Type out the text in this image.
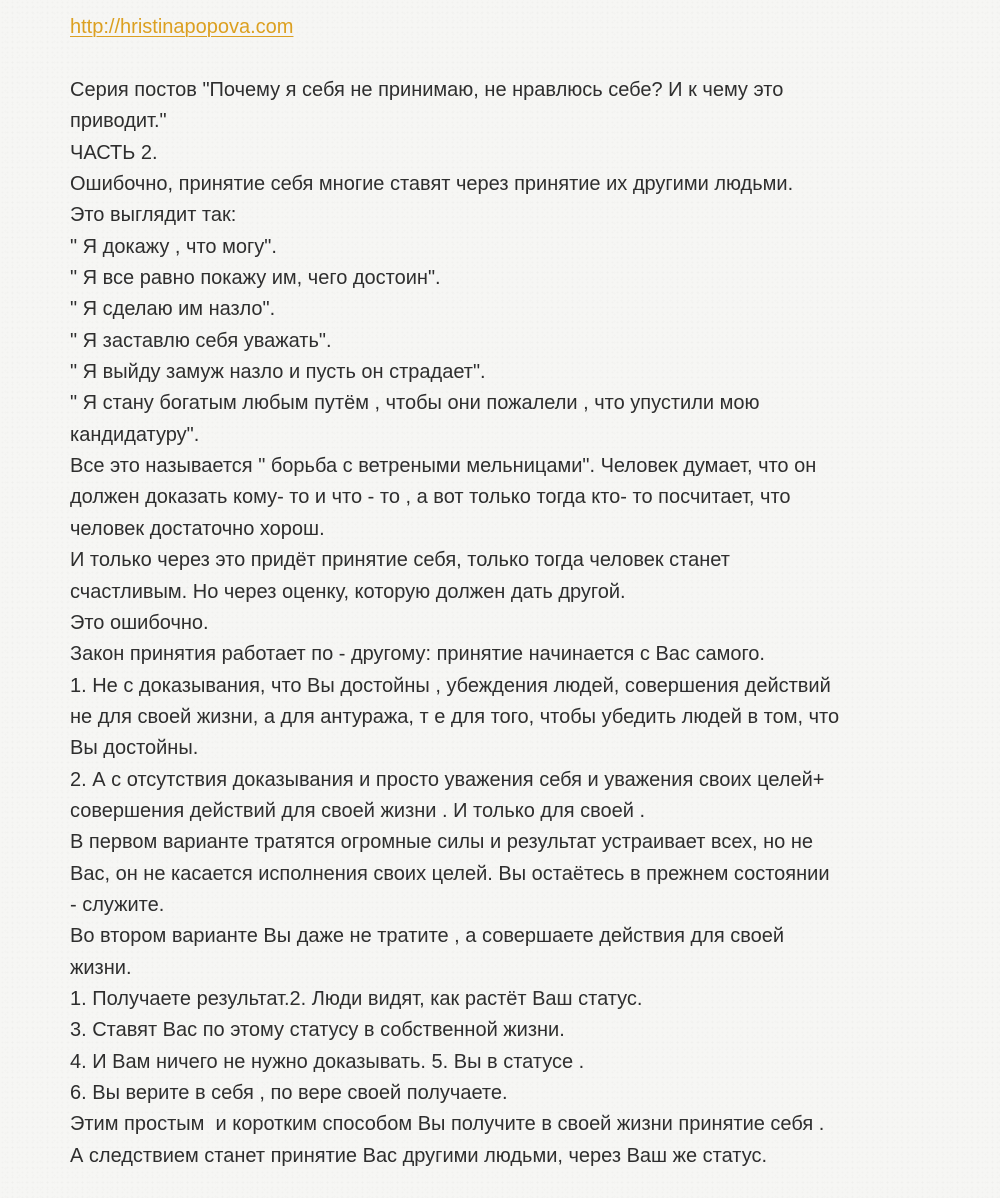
http://hristinapopova.com
Серия постов "Почему я себя не принимаю, не нравлюсь себе? И к чему это
приводит."
ЧАСТЬ 2.
Ошибочно, принятие себя многие ставят через принятие их другими людьми.
Это выглядит так:
" Я докажу , что могу".
" Я все равно покажу им, чего достоин".
" Я сделаю им назло".
" Я заставлю себя уважать".
" Я выйду замуж назло и пусть он страдает".
" Я стану богатым любым путём , чтобы они пожалели , что упустили мою
кандидатуру".
Все это называется " борьба с ветреными мельницами". Человек думает, что он
должен доказать кому- то и что - то , а вот только тогда кто- то посчитает, что
человек достаточно хорош.
И только через это придёт принятие себя, только тогда человек станет
счастливым. Но через оценку, которую должен дать другой.
Это ошибочно.
Закон принятия работает по - другому: принятие начинается с Вас самого.
1. Не с доказывания, что Вы достойны , убеждения людей, совершения действий
не для своей жизни, а для антуража, т е для того, чтобы убедить людей в том, что
Вы достойны.
2. А с отсутствия доказывания и просто уважения себя и уважения своих целей+
совершения действий для своей жизни . И только для своей .
В первом варианте тратятся огромные силы и результат устраивает всех, но не
Вас, он не касается исполнения своих целей. Вы остаётесь в прежнем состоянии
- служите.
Во втором варианте Вы даже не тратите , а совершаете действия для своей
жизни.
1. Получаете результат.2. Люди видят, как растёт Ваш статус.
3. Ставят Вас по этому статусу в собственной жизни.
4. И Вам ничего не нужно доказывать. 5. Вы в статусе .
6. Вы верите в себя , по вере своей получаете.
Этим простым  и коротким способом Вы получите в своей жизни принятие себя .
А следствием станет принятие Вас другими людьми, через Ваш же статус.
